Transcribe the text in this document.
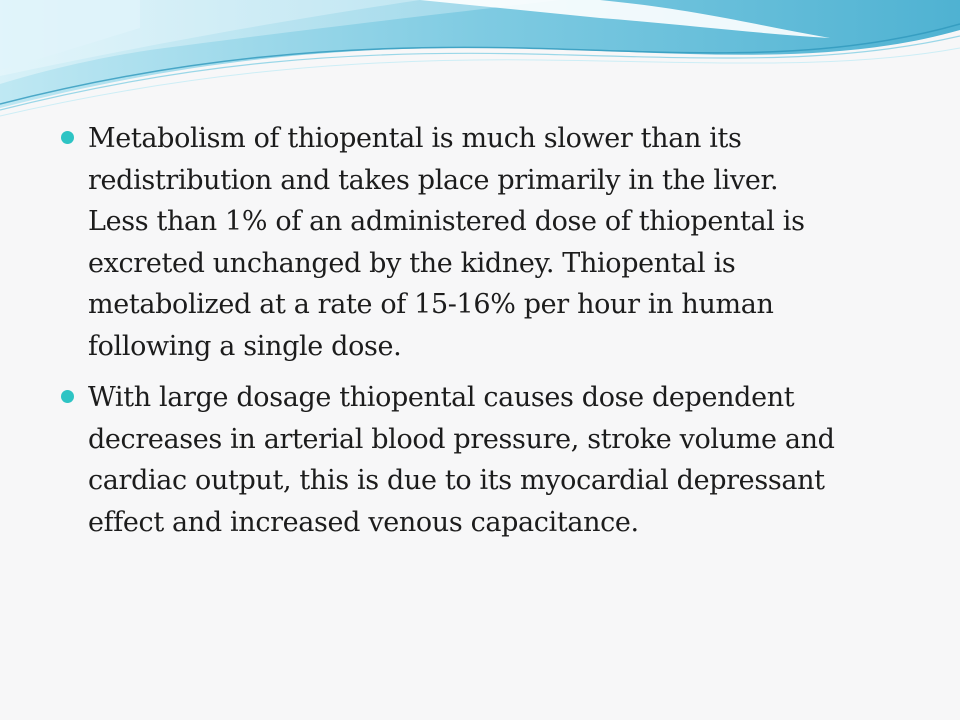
Metabolism of thiopental is much slower than its
redistribution and takes place primarily in the liver.
Less than 1% of an administered dose of thiopental is
excreted unchanged by the kidney. Thiopental is
metabolized at a rate of 15-16% per hour in human
following a single dose.
With large dosage thiopental causes dose dependent
decreases in arterial blood pressure, stroke volume and
cardiac output, this is due to its myocardial depressant
effect and increased venous capacitance.
